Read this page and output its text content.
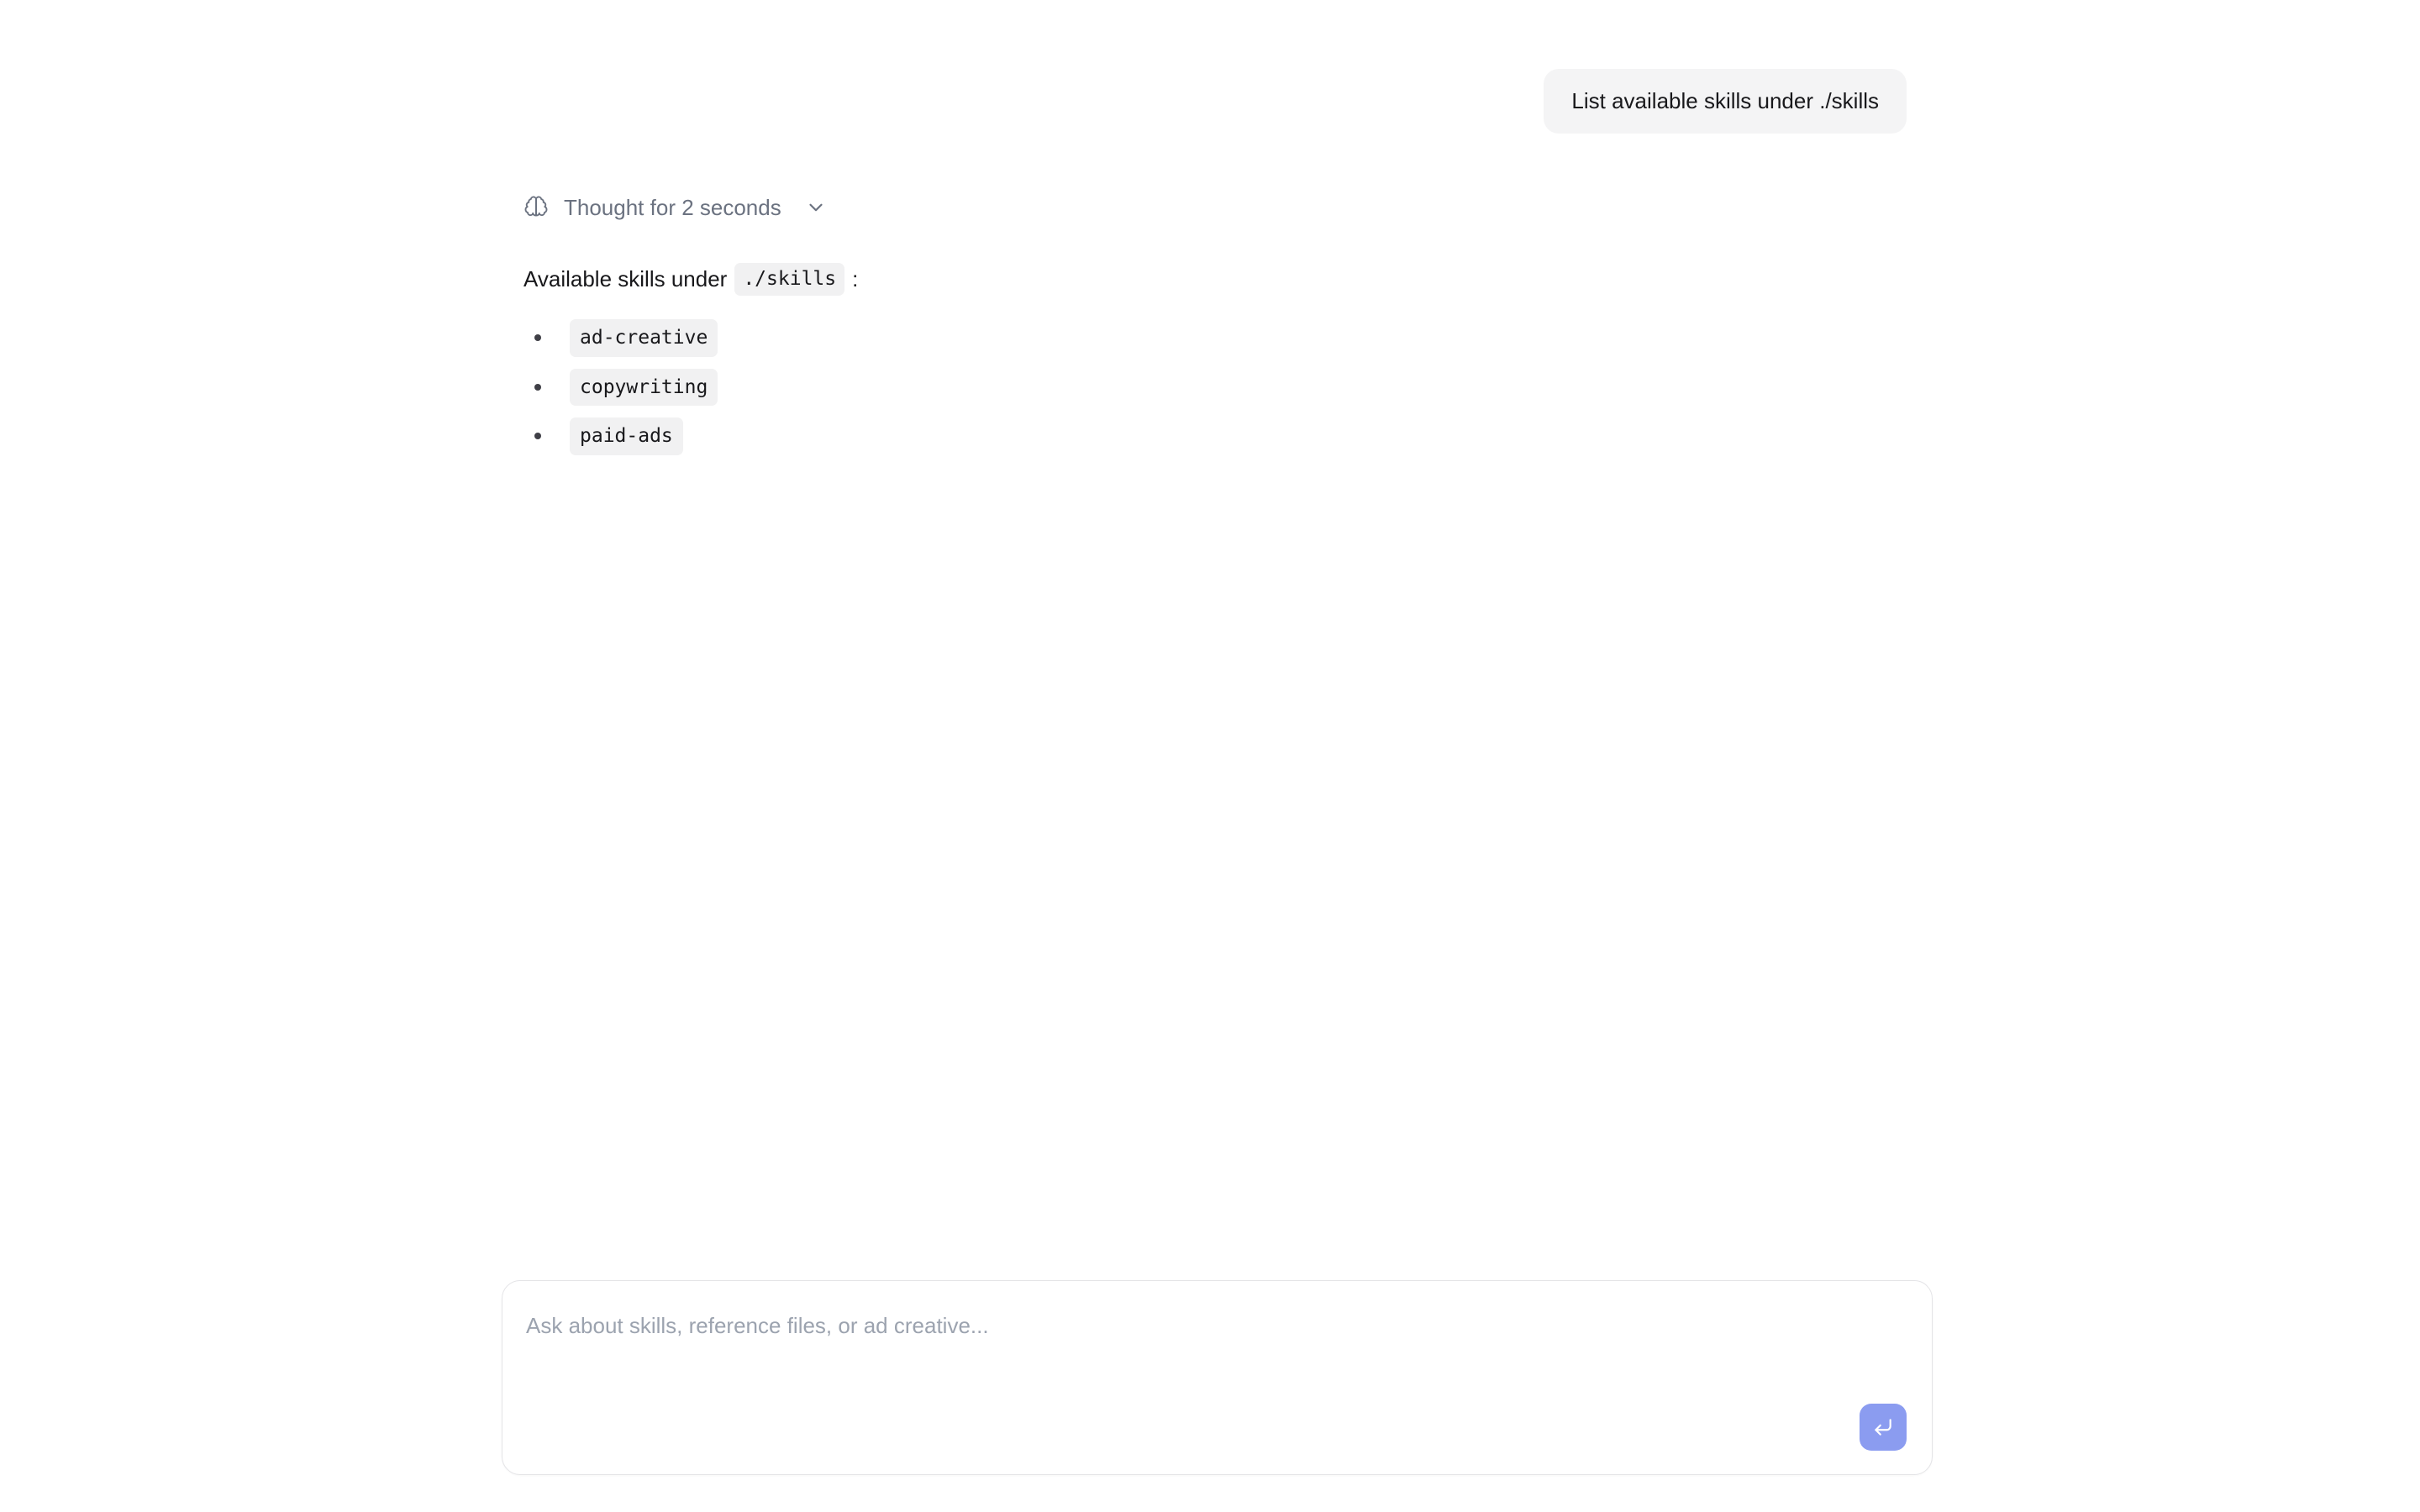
List available skills under ./skills
Thought for 2 seconds
Available skills under ./skills :
ad-creative
copywriting
paid-ads
Ask about skills, reference files, or ad creative...
